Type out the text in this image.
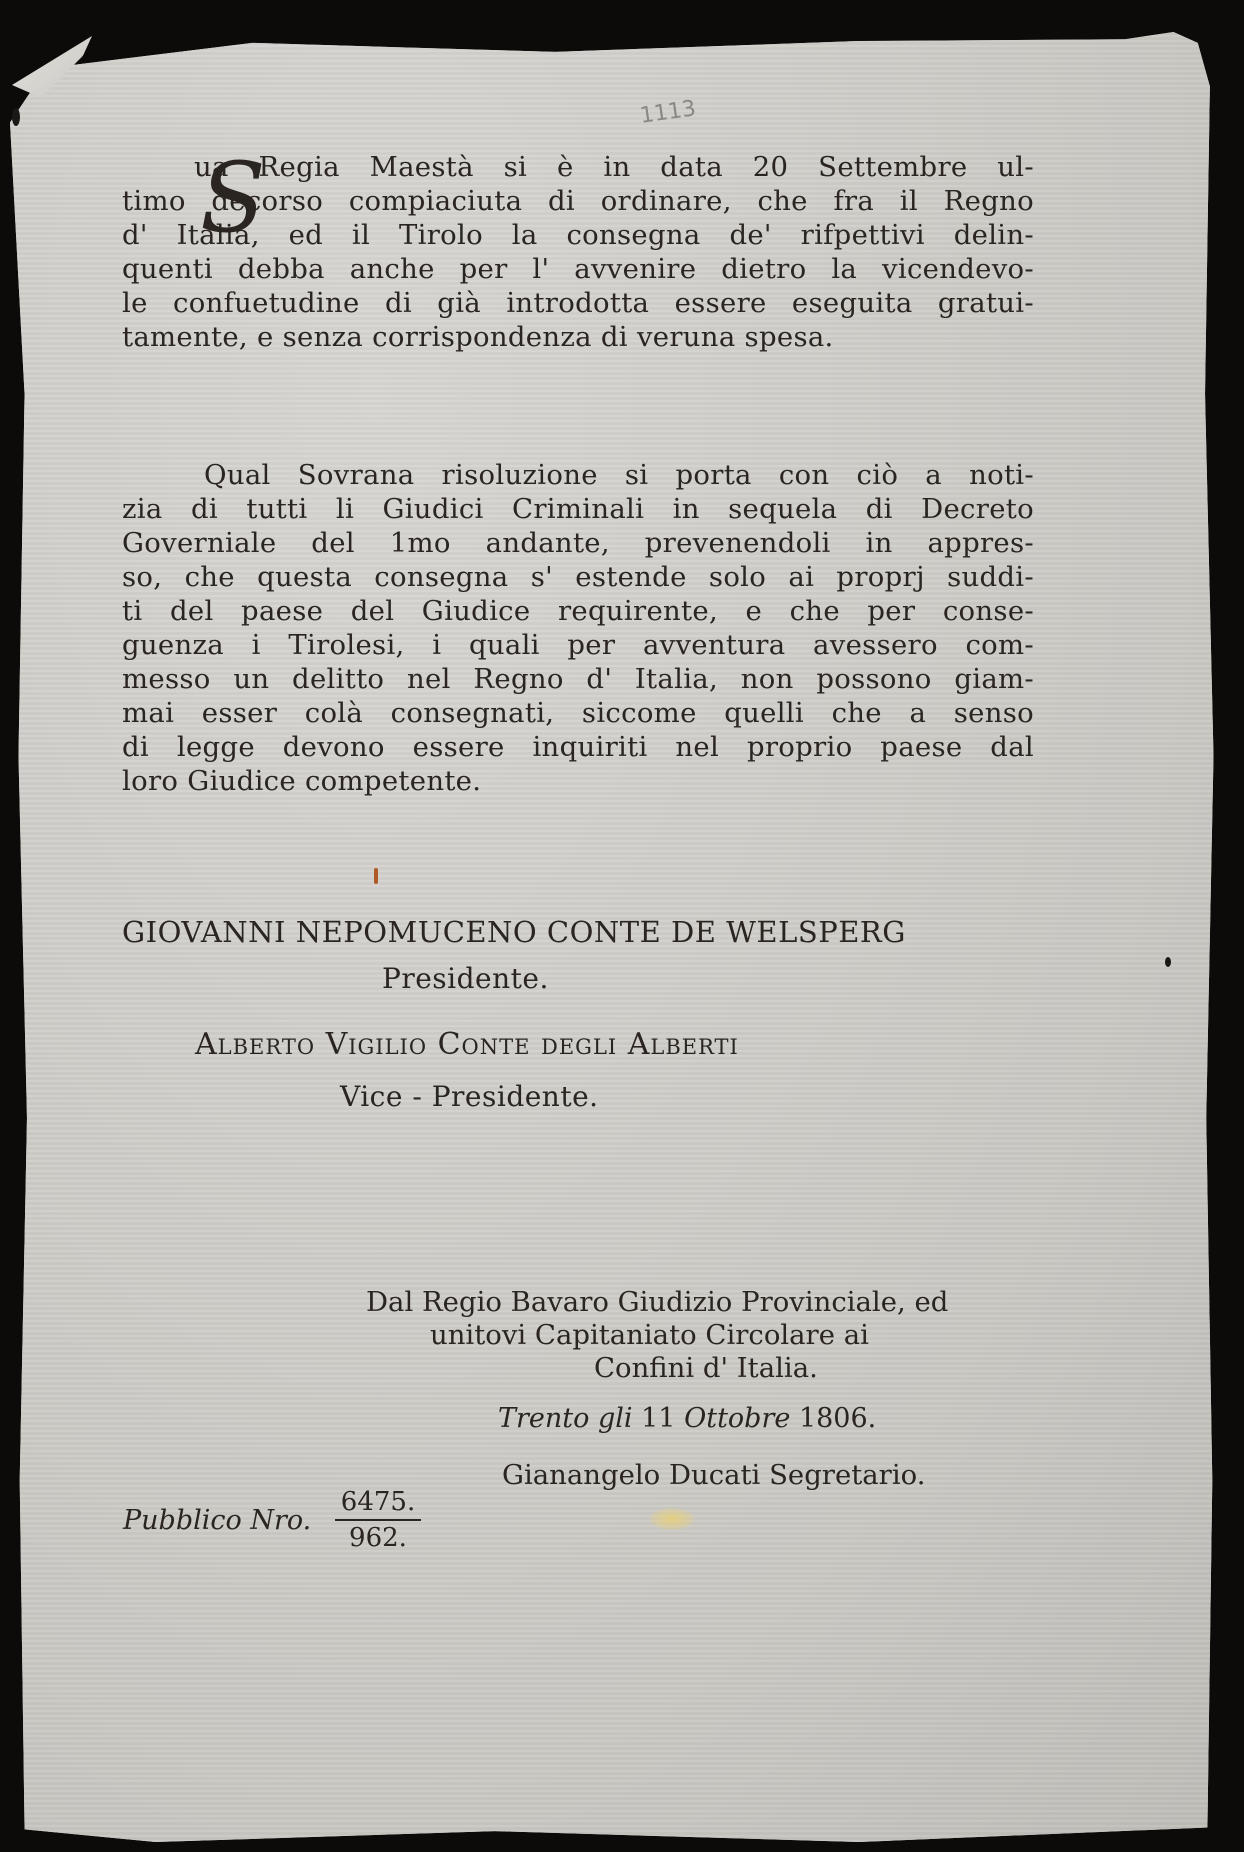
1113
S
ua Regia Maestà si è in data 20 Settembre ul-
timo decorso compiaciuta di ordinare, che fra il Regno
d' Italia, ed il Tirolo la consegna de' rifpettivi delin-
quenti debba anche per l' avvenire dietro la vicendevo-
le confuetudine di già introdotta essere eseguita gratui-
tamente, e senza corrispondenza di veruna spesa.
Qual Sovrana risoluzione si porta con ciò a noti-
zia di tutti li Giudici Criminali in sequela di Decreto
Governiale del 1mo andante, prevenendoli in appres-
so, che questa consegna s' estende solo ai proprj suddi-
ti del paese del Giudice requirente, e che per conse-
guenza i Tirolesi, i quali per avventura avessero com-
messo un delitto nel Regno d' Italia, non possono giam-
mai esser colà consegnati, siccome quelli che a senso
di legge devono essere inquiriti nel proprio paese dal
loro Giudice competente.
GIOVANNI NEPOMUCENO CONTE DE WELSPERG
Presidente.
Alberto Vigilio Conte degli Alberti
Vice - Presidente.
Dal Regio Bavaro Giudizio Provinciale, ed
unitovi Capitaniato Circolare ai
Confini d' Italia.
Trento gli 11 Ottobre 1806.
Gianangelo Ducati Segretario.
Pubblico Nro. $\frac{6475.}{962.}$
